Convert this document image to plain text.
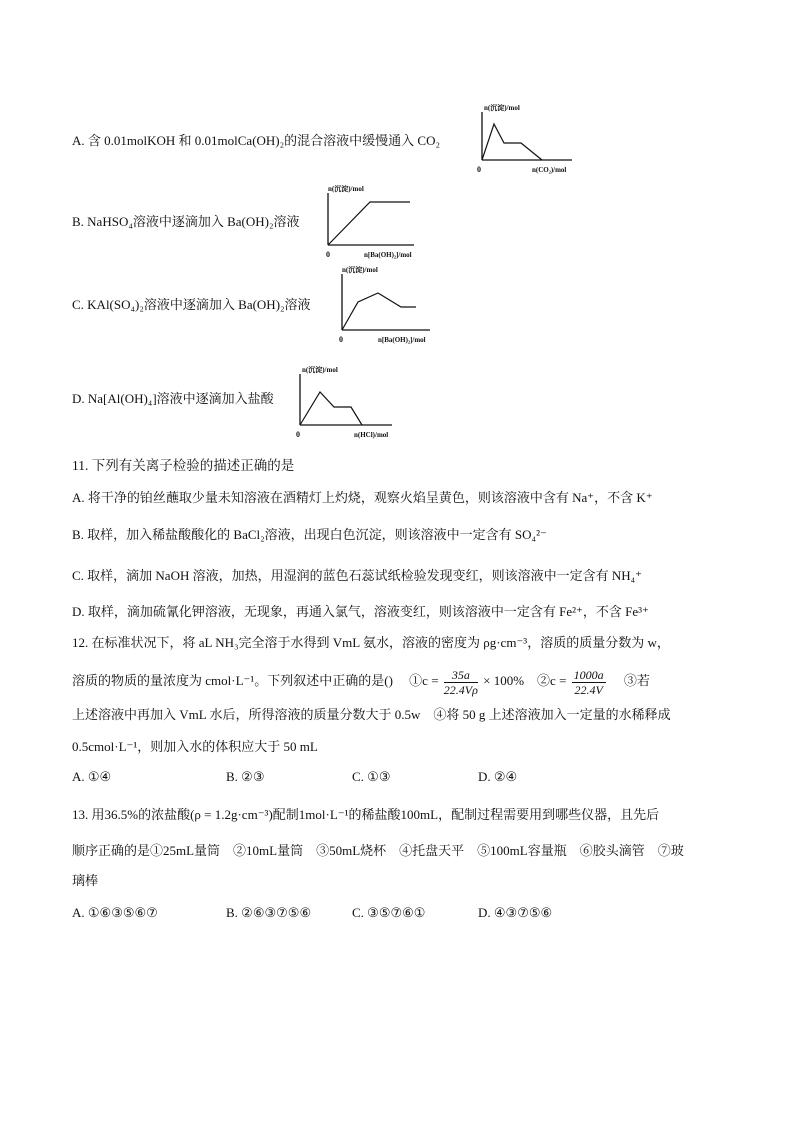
A. 含 0.01molKOH 和 0.01molCa(OH)₂的混合溶液中缓慢通入 CO₂
n(沉淀)/mol
0	n(CO₂)/mol
B. NaHSO₄溶液中逐滴加入 Ba(OH)₂溶液
n(沉淀)/mol
0	n[Ba(OH)₂]/mol
C. KAl(SO₄)₂溶液中逐滴加入 Ba(OH)₂溶液
n(沉淀)/mol
0	n[Ba(OH)₂]/mol
D. Na[Al(OH)₄]溶液中逐滴加入盐酸
n(沉淀)/mol
0	n(HCl)/mol
11. 下列有关离子检验的描述正确的是
A. 将干净的铂丝蘸取少量未知溶液在酒精灯上灼烧，观察火焰呈黄色，则该溶液中含有 Na⁺，不含 K⁺
B. 取样，加入稀盐酸酸化的 BaCl₂溶液，出现白色沉淀，则该溶液中一定含有 SO₄²⁻
C. 取样，滴加 NaOH 溶液，加热，用湿润的蓝色石蕊试纸检验发现变红，则该溶液中一定含有 NH₄⁺
D. 取样，滴加硫氰化钾溶液，无现象，再通入氯气，溶液变红，则该溶液中一定含有 Fe²⁺，不含 Fe³⁺
12. 在标准状况下，将 aL NH₃完全溶于水得到 VmL 氨水，溶液的密度为 ρg·cm⁻³，溶质的质量分数为 w，
溶质的物质的量浓度为 cmol·L⁻¹。下列叙述中正确的是()　 ①c = $\frac{35a}{22.4V\rho} \times 100\%$　②c = $\frac{1000a}{22.4V}$ 　③若
上述溶液中再加入 VmL 水后，所得溶液的质量分数大于 0.5w　④将 50 g 上述溶液加入一定量的水稀释成
0.5cmol·L⁻¹，则加入水的体积应大于 50 mL
A. ①④	B. ②③	C. ①③	D. ②④
13. 用36.5%的浓盐酸(ρ = 1.2g·cm⁻³)配制1mol·L⁻¹的稀盐酸100mL，配制过程需要用到哪些仪器，且先后
顺序正确的是①25mL量筒　②10mL量筒　③50mL烧杯　④托盘天平　⑤100mL容量瓶　⑥胶头滴管　⑦玻
璃棒
A. ①⑥③⑤⑥⑦	B. ②⑥③⑦⑤⑥	C. ③⑤⑦⑥①	D. ④③⑦⑤⑥
